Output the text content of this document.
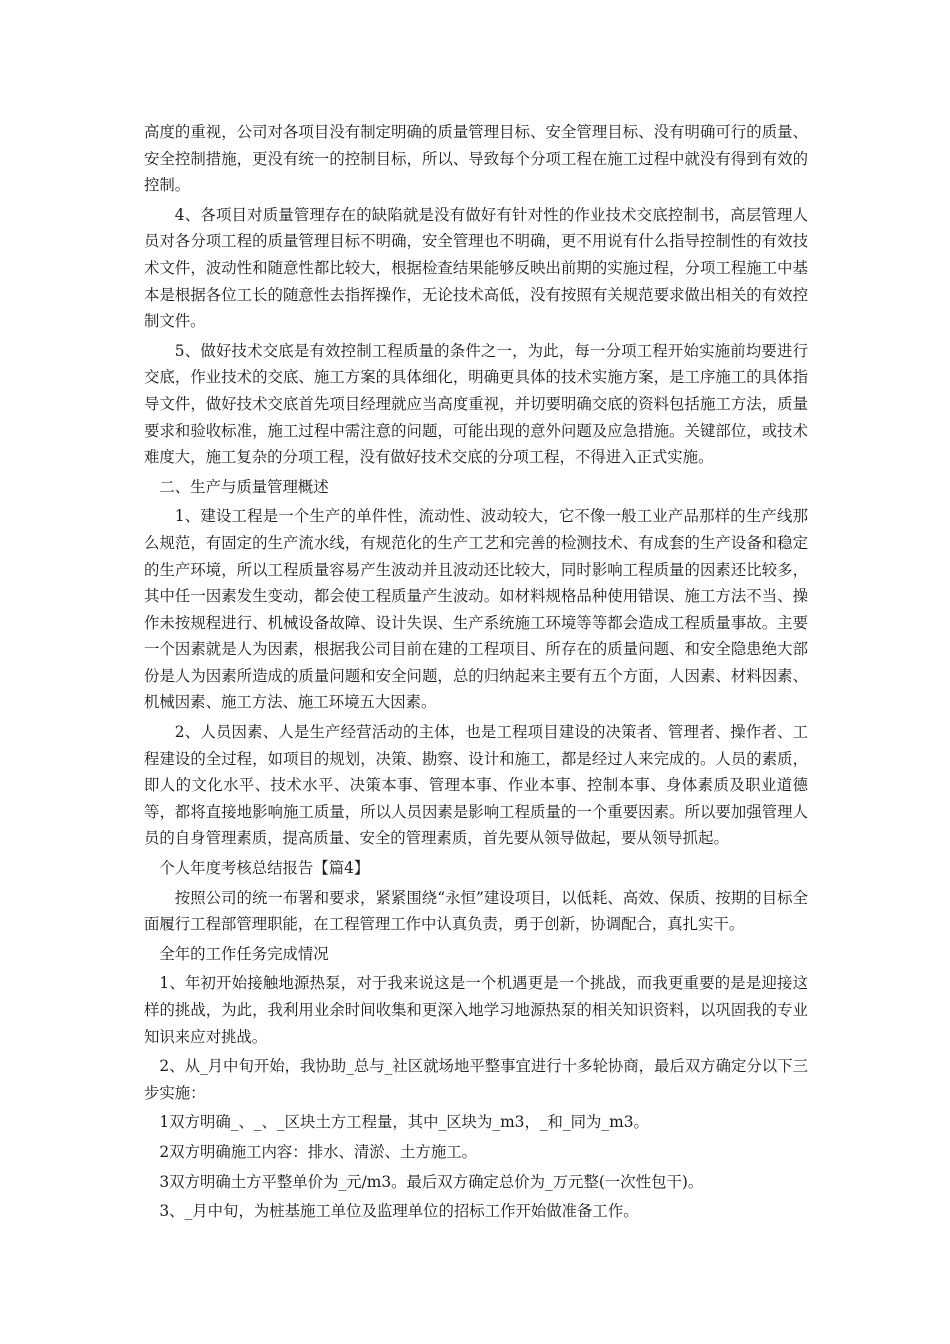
高度的重视，公司对各项目没有制定明确的质量管理目标、安全管理目标、没有明确可行的质量、安全控制措施，更没有统一的控制目标，所以、导致每个分项工程在施工过程中就没有得到有效的控制。

4、各项目对质量管理存在的缺陷就是没有做好有针对性的作业技术交底控制书，高层管理人员对各分项工程的质量管理目标不明确，安全管理也不明确，更不用说有什么指导控制性的有效技术文件，波动性和随意性都比较大，根据检查结果能够反映出前期的实施过程，分项工程施工中基本是根据各位工长的随意性去指挥操作，无论技术高低，没有按照有关规范要求做出相关的有效控制文件。

5、做好技术交底是有效控制工程质量的条件之一，为此，每一分项工程开始实施前均要进行交底，作业技术的交底、施工方案的具体细化，明确更具体的技术实施方案，是工序施工的具体指导文件，做好技术交底首先项目经理就应当高度重视，并切要明确交底的资料包括施工方法，质量要求和验收标准，施工过程中需注意的问题，可能出现的意外问题及应急措施。关键部位，或技术难度大，施工复杂的分项工程，没有做好技术交底的分项工程，不得进入正式实施。

二、生产与质量管理概述

1、建设工程是一个生产的单件性，流动性、波动较大，它不像一般工业产品那样的生产线那么规范，有固定的生产流水线，有规范化的生产工艺和完善的检测技术、有成套的生产设备和稳定的生产环境，所以工程质量容易产生波动并且波动还比较大，同时影响工程质量的因素还比较多，其中任一因素发生变动，都会使工程质量产生波动。如材料规格品种使用错误、施工方法不当、操作未按规程进行、机械设备故障、设计失误、生产系统施工环境等等都会造成工程质量事故。主要一个因素就是人为因素，根据我公司目前在建的工程项目、所存在的质量问题、和安全隐患绝大部份是人为因素所造成的质量问题和安全问题，总的归纳起来主要有五个方面，人因素、材料因素、机械因素、施工方法、施工环境五大因素。

2、人员因素、人是生产经营活动的主体，也是工程项目建设的决策者、管理者、操作者、工程建设的全过程，如项目的规划，决策、勘察、设计和施工，都是经过人来完成的。人员的素质，即人的文化水平、技术水平、决策本事、管理本事、作业本事、控制本事、身体素质及职业道德等，都将直接地影响施工质量，所以人员因素是影响工程质量的一个重要因素。所以要加强管理人员的自身管理素质，提高质量、安全的管理素质，首先要从领导做起，要从领导抓起。

个人年度考核总结报告【篇4】

按照公司的统一布署和要求，紧紧围绕“永恒”建设项目，以低耗、高效、保质、按期的目标全面履行工程部管理职能，在工程管理工作中认真负责，勇于创新，协调配合，真扎实干。

全年的工作任务完成情况

1、年初开始接触地源热泵，对于我来说这是一个机遇更是一个挑战，而我更重要的是是迎接这样的挑战，为此，我利用业余时间收集和更深入地学习地源热泵的相关知识资料，以巩固我的专业知识来应对挑战。

2、从_月中旬开始，我协助_总与_社区就场地平整事宜进行十多轮协商，最后双方确定分以下三步实施：

1双方明确_、_、_区块土方工程量，其中_区块为_m3，_和_同为_m3。

2双方明确施工内容：排水、清淤、土方施工。

3双方明确土方平整单价为_元/m3。最后双方确定总价为_万元整(一次性包干)。

3、_月中旬，为桩基施工单位及监理单位的招标工作开始做准备工作。
